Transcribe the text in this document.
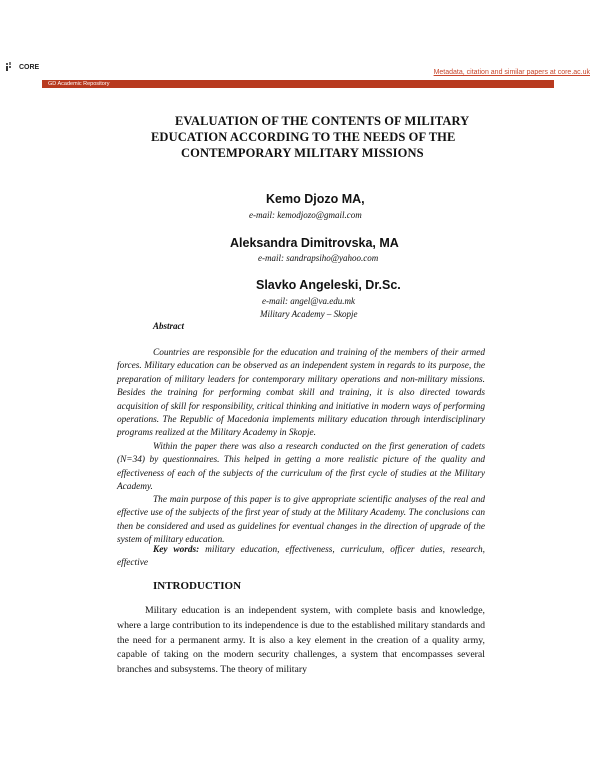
CORE
Metadata, citation and similar papers at core.ac.uk
GD Academic Repository
EVALUATION OF THE CONTENTS OF MILITARY
EDUCATION ACCORDING TO THE NEEDS OF THE
CONTEMPORARY MILITARY MISSIONS
Kemo Djozo MA,
e-mail: kemodjozo@gmail.com
Aleksandra Dimitrovska, MA
e-mail: sandrapsiho@yahoo.com
Slavko Angeleski, Dr.Sc.
e-mail: angel@va.edu.mk
Military Academy – Skopje
Abstract

Countries are responsible for the education and training of the members of their armed forces. Military education can be observed as an independent system in regards to its purpose, the preparation of military leaders for contemporary military operations and non-military missions. Besides the training for performing combat skill and training, it is also directed towards acquisition of skill for responsibility, critical thinking and initiative in modern ways of performing operations. The Republic of Macedonia implements military education through interdisciplinary programs realized at the Military Academy in Skopje.

Within the paper there was also a research conducted on the first generation of cadets (N=34) by questionnaires. This helped in getting a more realistic picture of the quality and effectiveness of each of the subjects of the curriculum of the first cycle of studies at the Military Academy.

The main purpose of this paper is to give appropriate scientific analyses of the real and effective use of the subjects of the first year of study at the Military Academy. The conclusions can then be considered and used as guidelines for eventual changes in the direction of upgrade of the system of military education.

Key words: military education, effectiveness, curriculum, officer duties, research, effective

INTRODUCTION

Military education is an independent system, with complete basis and knowledge, where a large contribution to its independence is due to the established military standards and the need for a permanent army. It is also a key element in the creation of a quality army, capable of taking on the modern security challenges, a system that encompasses several branches and subsystems. The theory of military
